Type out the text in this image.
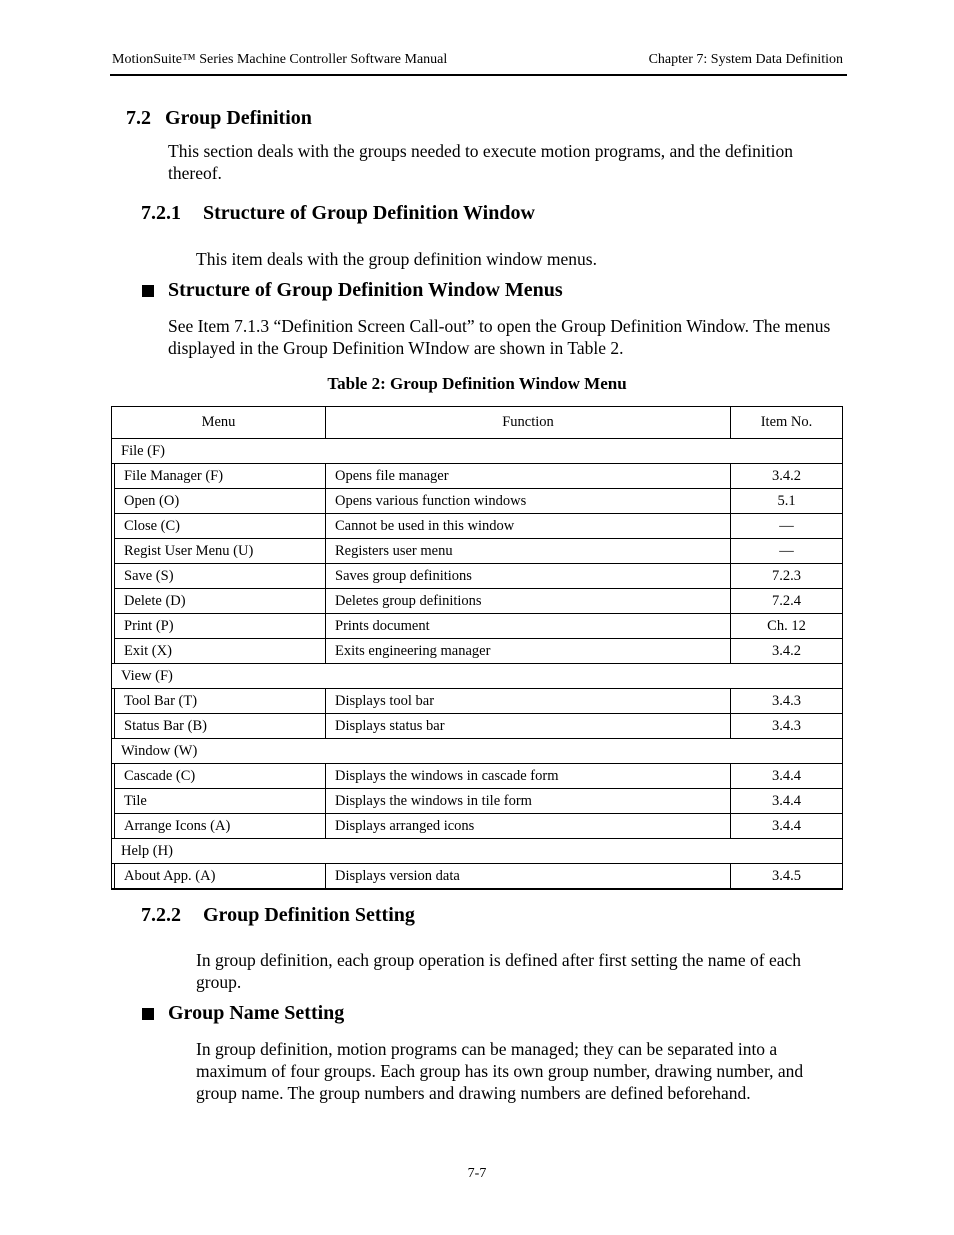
MotionSuite™ Series Machine Controller Software Manual	Chapter 7: System Data Definition
7.2 Group Definition
This section deals with the groups needed to execute motion programs, and the definition thereof.
7.2.1 Structure of Group Definition Window
This item deals with the group definition window menus.
Structure of Group Definition Window Menus
See Item 7.1.3 “Definition Screen Call-out” to open the Group Definition Window. The menus displayed in the Group Definition WIndow are shown in Table 2.
Table 2: Group Definition Window Menu
Menu		Function	Item No.
File (F)			
	File Manager (F)	Opens file manager	3.4.2
	Open (O)	Opens various function windows	5.1
	Close (C)	Cannot be used in this window	—
	Regist User Menu (U)	Registers user menu	—
	Save (S)	Saves group definitions	7.2.3
	Delete (D)	Deletes group definitions	7.2.4
	Print (P)	Prints document	Ch. 12
	Exit (X)	Exits engineering manager	3.4.2
View (F)			
	Tool Bar (T)	Displays tool bar	3.4.3
	Status Bar (B)	Displays status bar	3.4.3
Window (W)			
	Cascade (C)	Displays the windows in cascade form	3.4.4
	Tile	Displays the windows in tile form	3.4.4
	Arrange Icons (A)	Displays arranged icons	3.4.4
Help (H)			
	About App. (A)	Displays version data	3.4.5
7.2.2 Group Definition Setting
In group definition, each group operation is defined after first setting the name of each group.
Group Name Setting
In group definition, motion programs can be managed; they can be separated into a maximum of four groups. Each group has its own group number, drawing number, and group name. The group numbers and drawing numbers are defined beforehand.
7-7
